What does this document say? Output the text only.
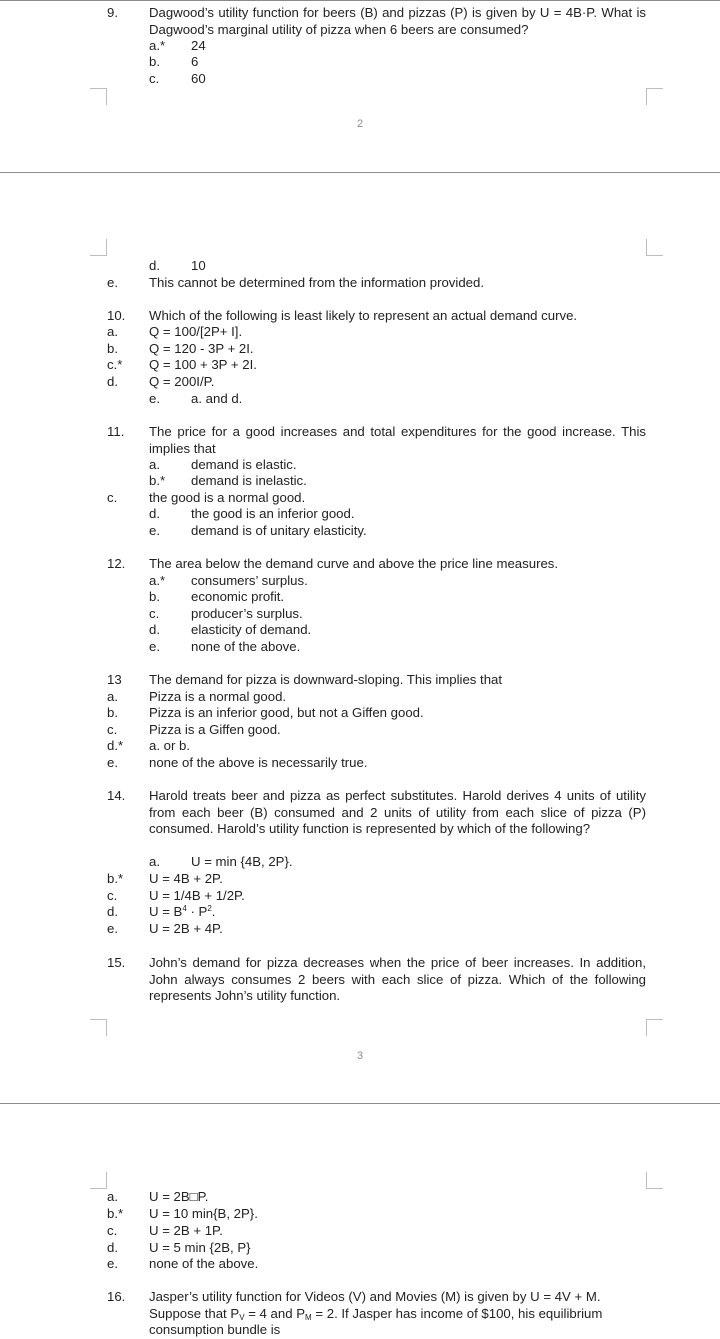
9. Dagwood’s utility function for beers (B) and pizzas (P) is given by U = 4B·P. What is Dagwood’s marginal utility of pizza when 6 beers are consumed?
a.* 24
b. 6
c. 60
2
d. 10
e. This cannot be determined from the information provided.
10. Which of the following is least likely to represent an actual demand curve.
a. Q = 100/[2P+ I].
b. Q = 120 - 3P + 2I.
c.* Q = 100 + 3P + 2I.
d. Q = 200I/P.
e. a. and d.
11. The price for a good increases and total expenditures for the good increase. This implies that
a. demand is elastic.
b.* demand is inelastic.
c. the good is a normal good.
d. the good is an inferior good.
e. demand is of unitary elasticity.
12. The area below the demand curve and above the price line measures.
a.* consumers’ surplus.
b. economic profit.
c. producer’s surplus.
d. elasticity of demand.
e. none of the above.
13 The demand for pizza is downward-sloping. This implies that
a. Pizza is a normal good.
b. Pizza is an inferior good, but not a Giffen good.
c. Pizza is a Giffen good.
d.* a. or b.
e. none of the above is necessarily true.
14. Harold treats beer and pizza as perfect substitutes. Harold derives 4 units of utility from each beer (B) consumed and 2 units of utility from each slice of pizza (P) consumed. Harold’s utility function is represented by which of the following?
a. U = min {4B, 2P}.
b.* U = 4B + 2P.
c. U = 1/4B + 1/2P.
d. $U = B^4 \cdot P^2$.
e. U = 2B + 4P.
15. John’s demand for pizza decreases when the price of beer increases. In addition, John always consumes 2 beers with each slice of pizza. Which of the following represents John’s utility function.
3
a. U = 2B□P.
b.* U = 10 min{B, 2P}.
c. U = 2B + 1P.
d. U = 5 min {2B, P}
e. none of the above.
16. Jasper’s utility function for Videos (V) and Movies (M) is given by U = 4V + M.
Suppose that $P_V = 4$ and $P_M = 2$. If Jasper has income of $100, his equilibrium
consumption bundle is
